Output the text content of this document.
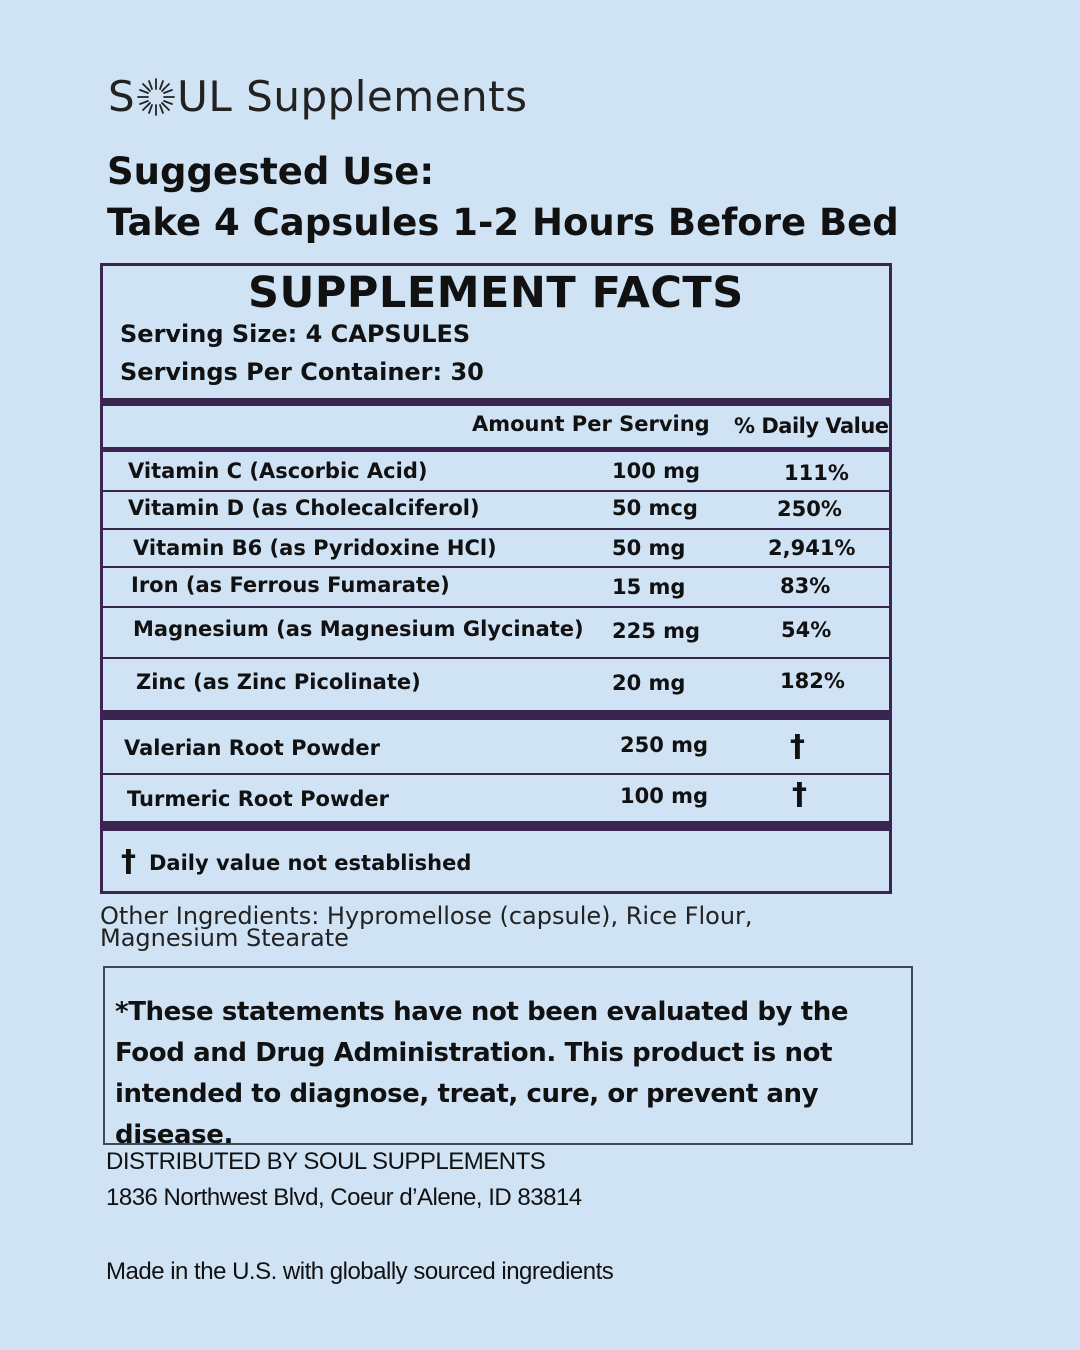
S UL Supplements
Suggested Use:
Take 4 Capsules 1-2 Hours Before Bed
SUPPLEMENT FACTS
Serving Size: 4 CAPSULES
Servings Per Container: 30
Amount Per Serving % Daily Value
Vitamin C (Ascorbic Acid)	100 mg	111%
Vitamin D (as Cholecalciferol)	50 mcg	250%
Vitamin B6 (as Pyridoxine HCl)	50 mg	2,941%
Iron (as Ferrous Fumarate)	15 mg	83%
Magnesium (as Magnesium Glycinate) 225 mg	54%
Zinc (as Zinc Picolinate)	20 mg	182%
Valerian Root Powder	250 mg	†
Turmeric Root Powder	100 mg	†
† Daily value not established
Other Ingredients: Hypromellose (capsule), Rice Flour,
Magnesium Stearate
*These statements have not been evaluated by the Food and Drug Administration. This product is not intended to diagnose, treat, cure, or prevent any disease.
DISTRIBUTED BY SOUL SUPPLEMENTS
1836 Northwest Blvd, Coeur d’Alene, ID 83814
Made in the U.S. with globally sourced ingredients
